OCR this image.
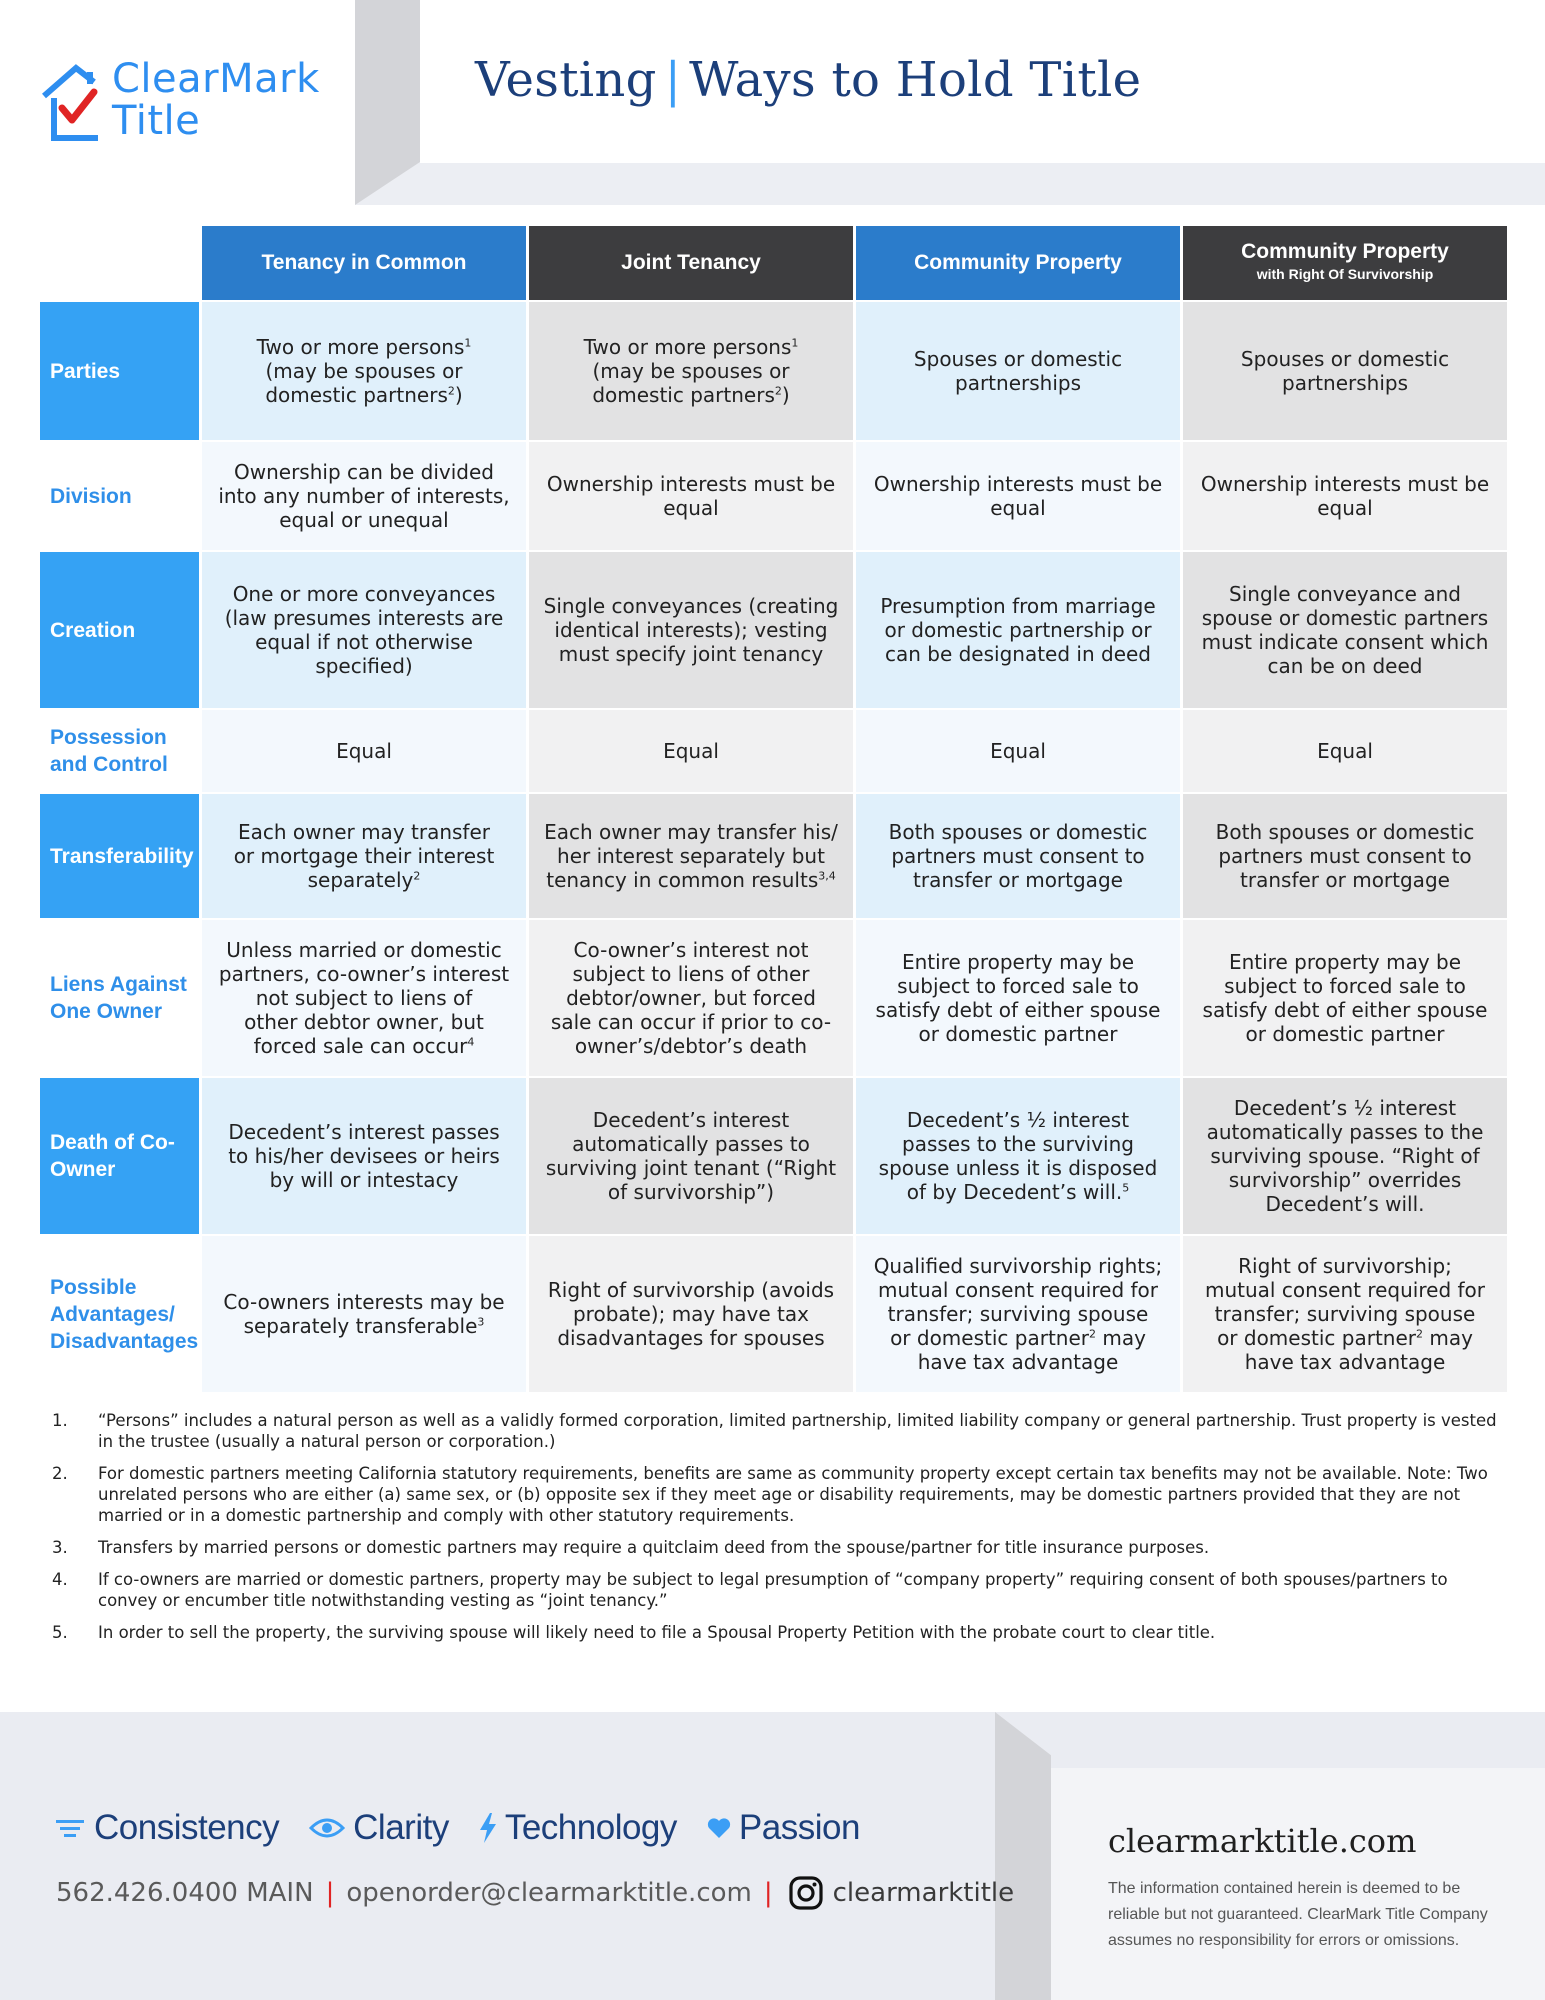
ClearMark
Title
Vesting | Ways to Hold Title
	Tenancy in Common	Joint Tenancy	Community Property	Community Property
with Right Of Survivorship

Parties	Two or more persons$^1$
(may be spouses or
domestic partners$^2$)	Two or more persons$^1$
(may be spouses or
domestic partners$^2$)	Spouses or domestic partnerships	Spouses or domestic partnerships
Division	Ownership can be divided into any number of interests, equal or unequal	Ownership interests must be equal	Ownership interests must be equal	Ownership interests must be equal
Creation	One or more conveyances (law presumes interests are equal if not otherwise specified)	Single conveyances (creating identical interests); vesting must specify joint tenancy	Presumption from marriage or domestic partnership or can be designated in deed	Single conveyance and spouse or domestic partners must indicate consent which can be on deed
Possession and Control	Equal	Equal	Equal	Equal
Transferability	Each owner may transfer
or mortgage their interest
separately$^2$	Each owner may transfer his/
her interest separately but
tenancy in common results$^{3,4}$	Both spouses or domestic partners must consent to transfer or mortgage	Both spouses or domestic partners must consent to transfer or mortgage
Liens Against One Owner	Unless married or domestic
partners, co-owner’s interest
not subject to liens of
other debtor owner, but
forced sale can occur$^4$	Co-owner’s interest not subject to liens of other debtor/owner, but forced sale can occur if prior to co-owner’s/debtor’s death	Entire property may be subject to forced sale to satisfy debt of either spouse or domestic partner	Entire property may be subject to forced sale to satisfy debt of either spouse or domestic partner
Death of Co-Owner	Decedent’s interest passes to his/her devisees or heirs by will or intestacy	Decedent’s interest automatically passes to surviving joint tenant (“Right of survivorship”)	Decedent’s ½ interest
passes to the surviving
spouse unless it is disposed
of by Decedent’s will.$^5$	Decedent’s ½ interest automatically passes to the surviving spouse. “Right of survivorship” overrides Decedent’s will.
Possible Advantages/ Disadvantages	Co-owners interests may be
separately transferable$^3$	Right of survivorship (avoids probate); may have tax disadvantages for spouses	Qualified survivorship rights;
mutual consent required for
transfer; surviving spouse
or domestic partner$^2$ may
have tax advantage	Right of survivorship;
mutual consent required for
transfer; surviving spouse
or domestic partner$^2$ may
have tax advantage
1. “Persons” includes a natural person as well as a validly formed corporation, limited partnership, limited liability company or general partnership. Trust property is vested in the trustee (usually a natural person or corporation.)
2. For domestic partners meeting California statutory requirements, benefits are same as community property except certain tax benefits may not be available. Note: Two unrelated persons who are either (a) same sex, or (b) opposite sex if they meet age or disability requirements, may be domestic partners provided that they are not married or in a domestic partnership and comply with other statutory requirements.
3. Transfers by married persons or domestic partners may require a quitclaim deed from the spouse/partner for title insurance purposes.
4. If co-owners are married or domestic partners, property may be subject to legal presumption of “company property” requiring consent of both spouses/partners to convey or encumber title notwithstanding vesting as “joint tenancy.”
5. In order to sell the property, the surviving spouse will likely need to file a Spousal Property Petition with the probate court to clear title.
Consistency Clarity Technology Passion
562.426.0400 MAIN | openorder@clearmarktitle.com |	clearmarktitle
clearmarktitle.com
The information contained herein is deemed to be reliable but not guaranteed. ClearMark Title Company assumes no responsibility for errors or omissions.
